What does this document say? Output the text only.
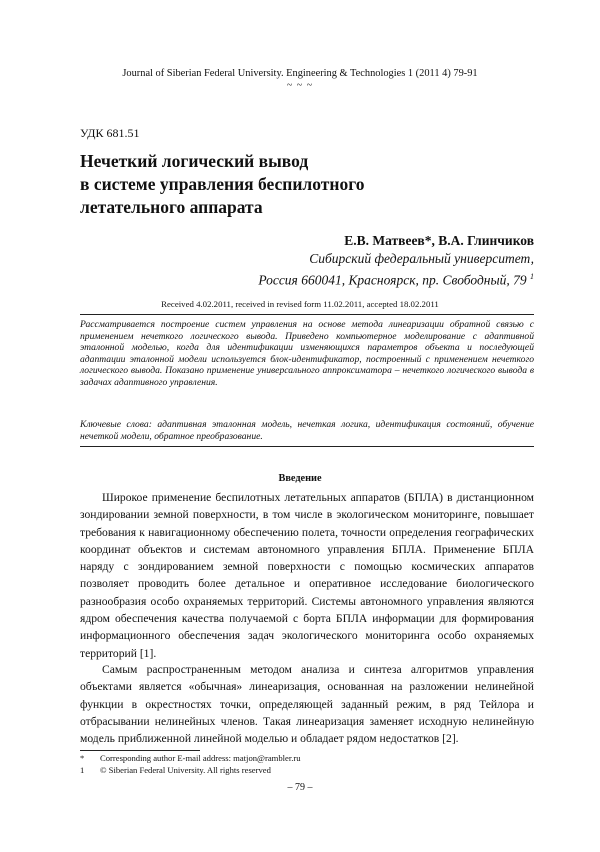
Journal of Siberian Federal University. Engineering & Technologies 1 (2011 4) 79-91
~ ~ ~
УДК 681.51
Нечеткий логический вывод
в системе управления беспилотного
летательного аппарата
Е.В. Матвеев*, В.А. Глинчиков
Сибирский федеральный университет,
Россия 660041, Красноярск, пр. Свободный, 79 $^1$
Received 4.02.2011, received in revised form 11.02.2011, accepted 18.02.2011
Рассматривается построение систем управления на основе метода линеаризации обратной связью с применением нечеткого логического вывода. Приведено компьютерное моделирование с адаптивной эталонной моделью, когда для идентификации изменяющихся параметров объекта и последующей адаптации эталонной модели используется блок-идентификатор, построенный с применением нечеткого логического вывода. Показано применение универсального аппроксиматора – нечеткого логического вывода в задачах адаптивного управления.
Ключевые слова: адаптивная эталонная модель, нечеткая логика, идентификация состояний, обучение нечеткой модели, обратное преобразование.
Введение

Широкое применение беспилотных летательных аппаратов (БПЛА) в дистанционном зондировании земной поверхности, в том числе в экологическом мониторинге, повышает требования к навигационному обеспечению полета, точности определения географических координат объектов и системам автономного управления БПЛА. Применение БПЛА наряду с зондированием земной поверхности с помощью космических аппаратов позволяет проводить более детальное и оперативное исследование биологического разнообразия особо охраняемых территорий. Системы автономного управления являются ядром обеспечения качества получаемой с борта БПЛА информации для формирования информационного обеспечения задач экологического мониторинга особо охраняемых территорий [1].

Самым распространенным методом анализа и синтеза алгоритмов управления объектами является «обычная» линеаризация, основанная на разложении нелинейной функции в окрестностях точки, определяющей заданный режим, в ряд Тейлора и отбрасывании нелинейных членов. Такая линеаризация заменяет исходную нелинейную модель приближенной линейной моделью и обладает рядом недостатков [2].

* Corresponding author E-mail address: matjon@rambler.ru
1 © Siberian Federal University. All rights reserved
– 79 –
